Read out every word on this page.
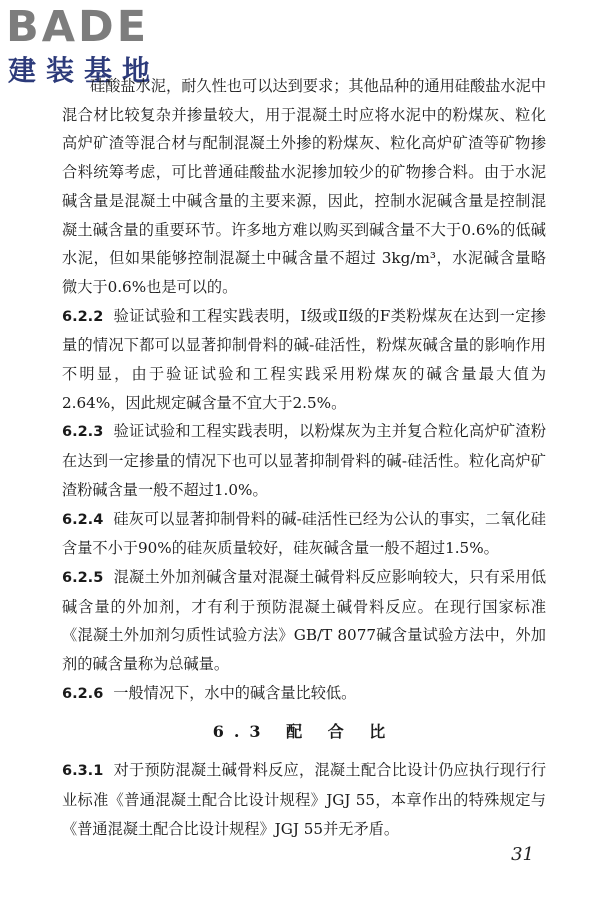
BADE
建装基地

硅酸盐水泥，耐久性也可以达到要求；其他品种的通用硅酸盐水泥中混合材比较复杂并掺量较大，用于混凝土时应将水泥中的粉煤灰、粒化高炉矿渣等混合材与配制混凝土外掺的粉煤灰、粒化高炉矿渣等矿物掺合料统筹考虑，可比普通硅酸盐水泥掺加较少的矿物掺合料。由于水泥碱含量是混凝土中碱含量的主要来源，因此，控制水泥碱含量是控制混凝土碱含量的重要环节。许多地方难以购买到碱含量不大于0.6%的低碱水泥，但如果能够控制混凝土中碱含量不超过 3kg/m³，水泥碱含量略微大于0.6%也是可以的。

6.2.2 验证试验和工程实践表明，Ⅰ级或Ⅱ级的F类粉煤灰在达到一定掺量的情况下都可以显著抑制骨料的碱-硅活性，粉煤灰碱含量的影响作用不明显，由于验证试验和工程实践采用粉煤灰的碱含量最大值为2.64%，因此规定碱含量不宜大于2.5%。

6.2.3 验证试验和工程实践表明，以粉煤灰为主并复合粒化高炉矿渣粉在达到一定掺量的情况下也可以显著抑制骨料的碱-硅活性。粒化高炉矿渣粉碱含量一般不超过1.0%。

6.2.4 硅灰可以显著抑制骨料的碱-硅活性已经为公认的事实，二氧化硅含量不小于90%的硅灰质量较好，硅灰碱含量一般不超过1.5%。

6.2.5 混凝土外加剂碱含量对混凝土碱骨料反应影响较大，只有采用低碱含量的外加剂，才有利于预防混凝土碱骨料反应。在现行国家标准《混凝土外加剂匀质性试验方法》GB/T 8077碱含量试验方法中，外加剂的碱含量称为总碱量。

6.2.6 一般情况下，水中的碱含量比较低。

6.3 配 合 比

6.3.1 对于预防混凝土碱骨料反应，混凝土配合比设计仍应执行现行行业标准《普通混凝土配合比设计规程》JGJ 55，本章作出的特殊规定与《普通混凝土配合比设计规程》JGJ 55并无矛盾。

31
